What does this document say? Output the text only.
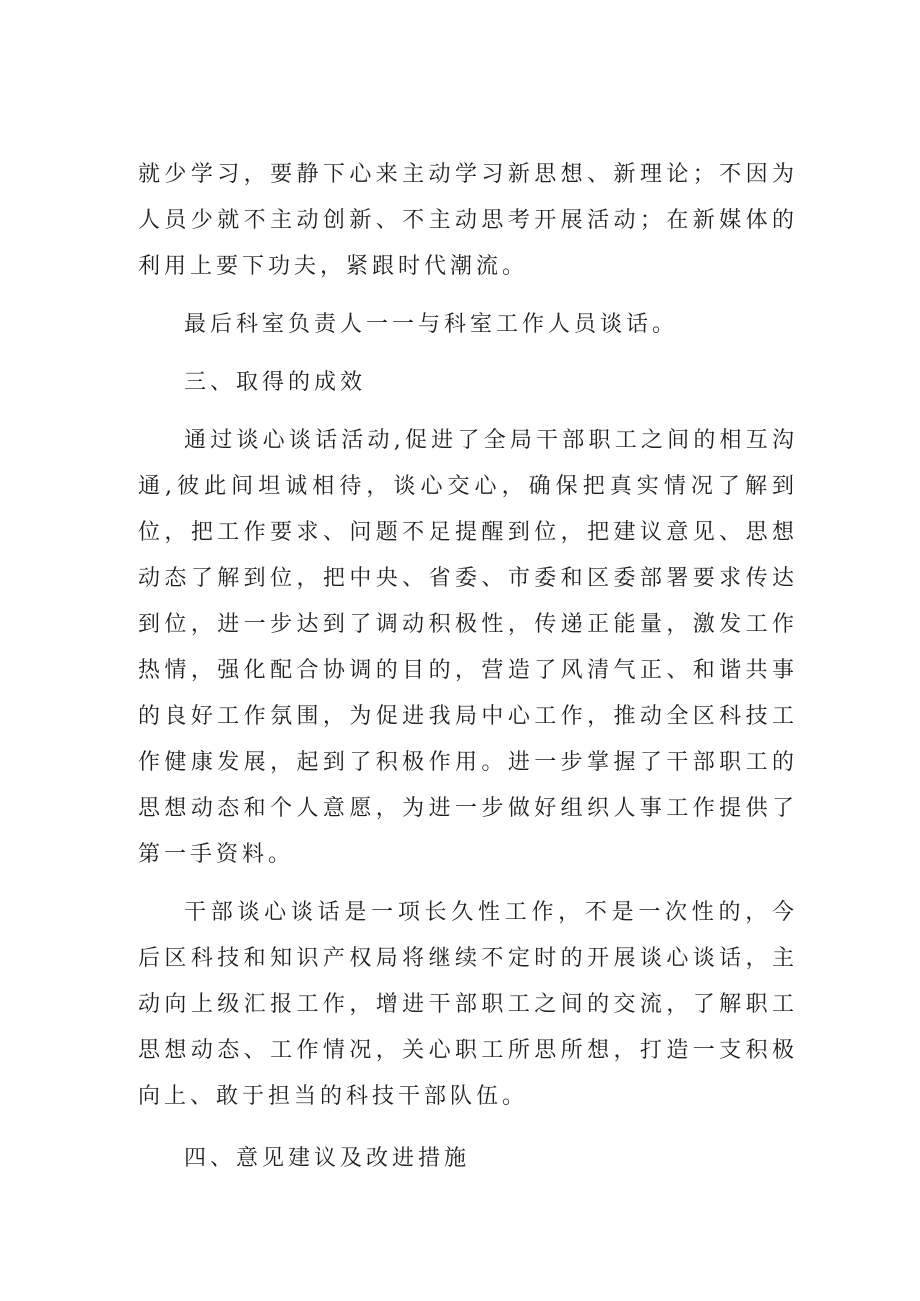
就少学习，要静下心来主动学习新思想、新理论；不因为人员少就不主动创新、不主动思考开展活动；在新媒体的利用上要下功夫，紧跟时代潮流。

最后科室负责人一一与科室工作人员谈话。

三、取得的成效

通过谈心谈话活动,促进了全局干部职工之间的相互沟通,彼此间坦诚相待，谈心交心，确保把真实情况了解到位，把工作要求、问题不足提醒到位，把建议意见、思想动态了解到位，把中央、省委、市委和区委部署要求传达到位，进一步达到了调动积极性，传递正能量，激发工作热情，强化配合协调的目的，营造了风清气正、和谐共事的良好工作氛围，为促进我局中心工作，推动全区科技工作健康发展，起到了积极作用。进一步掌握了干部职工的思想动态和个人意愿，为进一步做好组织人事工作提供了第一手资料。

干部谈心谈话是一项长久性工作，不是一次性的，今后区科技和知识产权局将继续不定时的开展谈心谈话，主动向上级汇报工作，增进干部职工之间的交流，了解职工思想动态、工作情况，关心职工所思所想，打造一支积极向上、敢于担当的科技干部队伍。

四、意见建议及改进措施
